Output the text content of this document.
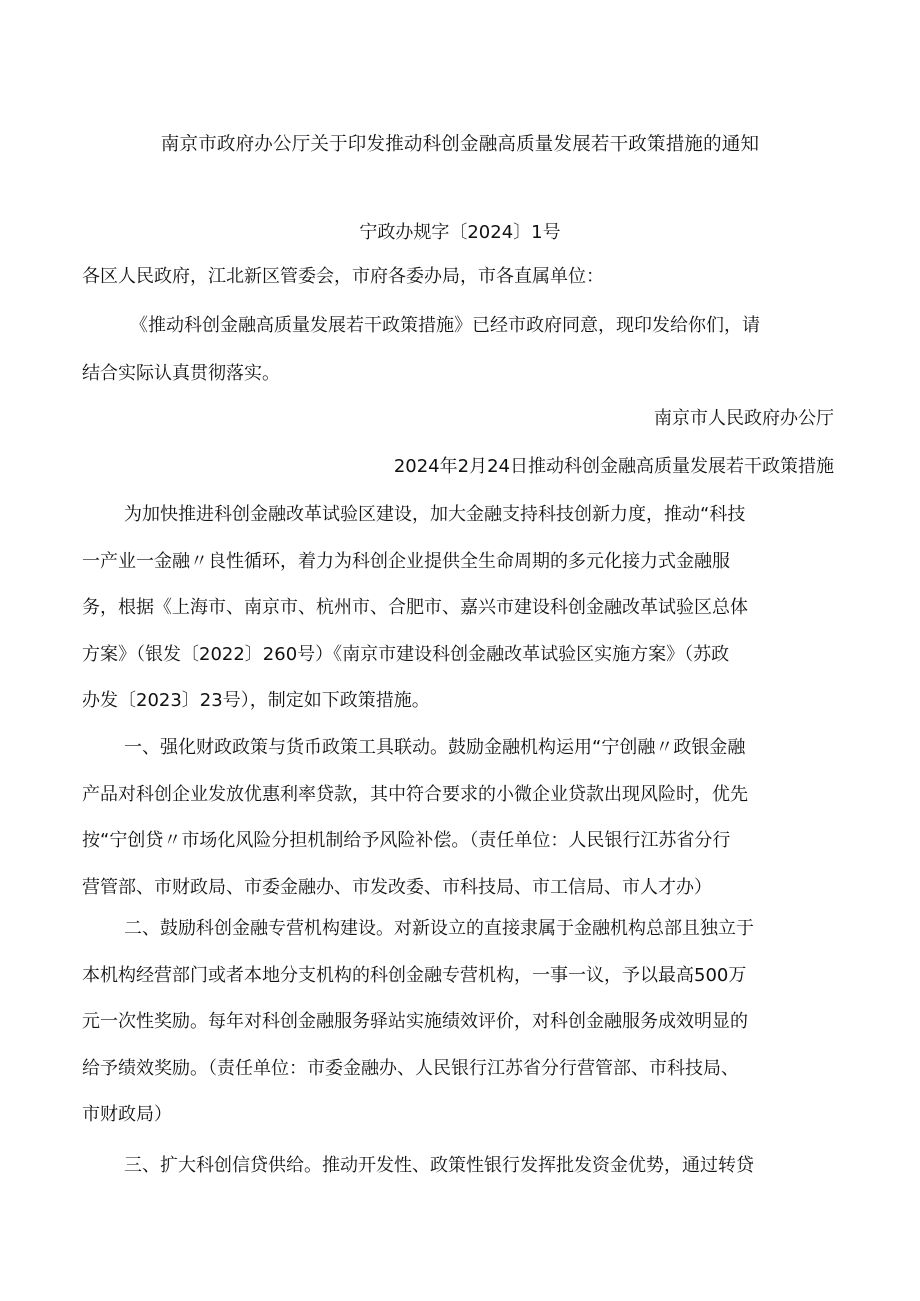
南京市政府办公厅关于印发推动科创金融高质量发展若干政策措施的通知
宁政办规字〔2024〕1号
各区人民政府，江北新区管委会，市府各委办局，市各直属单位：
《推动科创金融高质量发展若干政策措施》已经市政府同意，现印发给你们，请
结合实际认真贯彻落实。
南京市人民政府办公厅
2024年2月24日推动科创金融高质量发展若干政策措施
为加快推进科创金融改革试验区建设，加大金融支持科技创新力度，推动“科技
一产业一金融〃良性循环，着力为科创企业提供全生命周期的多元化接力式金融服
务，根据《上海市、南京市、杭州市、合肥市、嘉兴市建设科创金融改革试验区总体
方案》（银发〔2022〕260号）《南京市建设科创金融改革试验区实施方案》（苏政
办发〔2023〕23号），制定如下政策措施。
一、强化财政政策与货币政策工具联动。鼓励金融机构运用“宁创融〃政银金融
产品对科创企业发放优惠利率贷款，其中符合要求的小微企业贷款出现风险时，优先
按“宁创贷〃市场化风险分担机制给予风险补偿。（责任单位：人民银行江苏省分行
营管部、市财政局、市委金融办、市发改委、市科技局、市工信局、市人才办）
二、鼓励科创金融专营机构建设。对新设立的直接隶属于金融机构总部且独立于
本机构经营部门或者本地分支机构的科创金融专营机构，一事一议，予以最高500万
元一次性奖励。每年对科创金融服务驿站实施绩效评价，对科创金融服务成效明显的
给予绩效奖励。（责任单位：市委金融办、人民银行江苏省分行营管部、市科技局、
市财政局）
三、扩大科创信贷供给。推动开发性、政策性银行发挥批发资金优势，通过转贷
